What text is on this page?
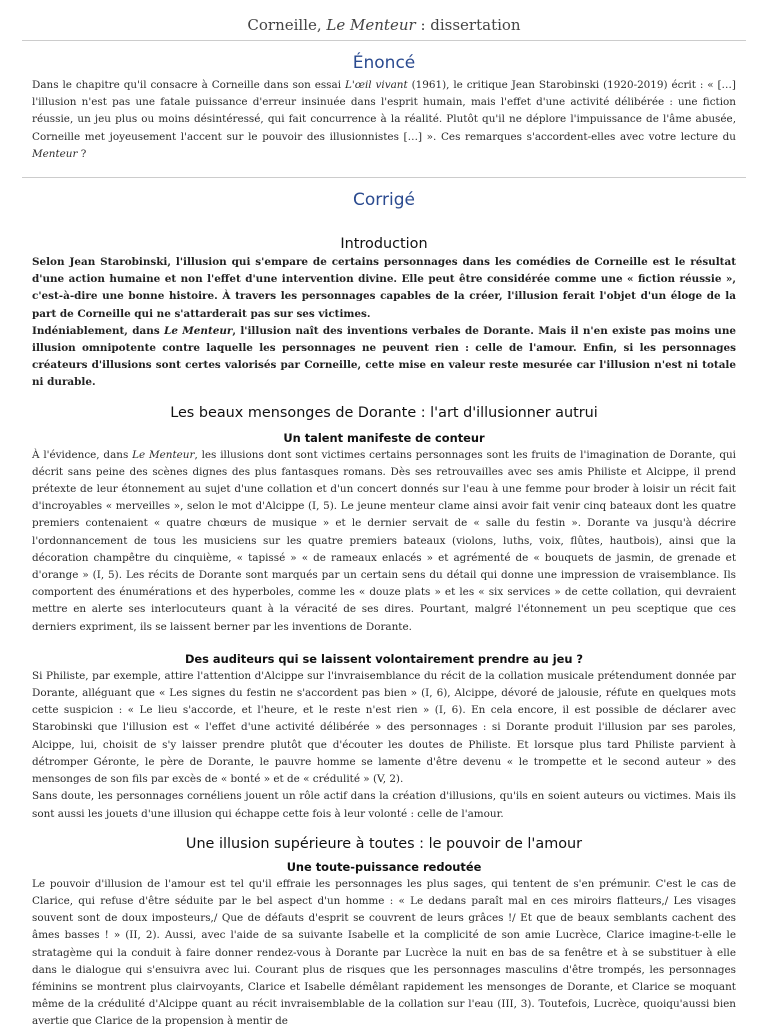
Corneille, Le Menteur : dissertation
Énoncé

Dans le chapitre qu'il consacre à Corneille dans son essai L'œil vivant (1961), le critique Jean Starobinski (1920-2019) écrit : « […] l'illusion n'est pas une fatale puissance d'erreur insinuée dans l'esprit humain, mais l'effet d'une activité délibérée : une fiction réussie, un jeu plus ou moins désintéressé, qui fait concurrence à la réalité. Plutôt qu'il ne déplore l'impuissance de l'âme abusée, Corneille met joyeusement l'accent sur le pouvoir des illusionnistes […] ». Ces remarques s'accordent-elles avec votre lecture du Menteur ?

Corrigé
Introduction

Selon Jean Starobinski, l'illusion qui s'empare de certains personnages dans les comédies de Corneille est le résultat d'une action humaine et non l'effet d'une intervention divine. Elle peut être considérée comme une « fiction réussie », c'est-à-dire une bonne histoire. À travers les personnages capables de la créer, l'illusion ferait l'objet d'un éloge de la part de Corneille qui ne s'attarderait pas sur ses victimes.

Indéniablement, dans Le Menteur, l'illusion naît des inventions verbales de Dorante. Mais il n'en existe pas moins une illusion omnipotente contre laquelle les personnages ne peuvent rien : celle de l'amour. Enfin, si les personnages créateurs d'illusions sont certes valorisés par Corneille, cette mise en valeur reste mesurée car l'illusion n'est ni totale ni durable.

Les beaux mensonges de Dorante : l'art d'illusionner autrui
Un talent manifeste de conteur

À l'évidence, dans Le Menteur, les illusions dont sont victimes certains personnages sont les fruits de l'imagination de Dorante, qui décrit sans peine des scènes dignes des plus fantasques romans. Dès ses retrouvailles avec ses amis Philiste et Alcippe, il prend prétexte de leur étonnement au sujet d'une collation et d'un concert donnés sur l'eau à une femme pour broder à loisir un récit fait d'incroyables « merveilles », selon le mot d'Alcippe (I, 5). Le jeune menteur clame ainsi avoir fait venir cinq bateaux dont les quatre premiers contenaient « quatre chœurs de musique » et le dernier servait de « salle du festin ». Dorante va jusqu'à décrire l'ordonnancement de tous les musiciens sur les quatre premiers bateaux (violons, luths, voix, flûtes, hautbois), ainsi que la décoration champêtre du cinquième, « tapissé » « de rameaux enlacés » et agrémenté de « bouquets de jasmin, de grenade et d'orange » (I, 5). Les récits de Dorante sont marqués par un certain sens du détail qui donne une impression de vraisemblance. Ils comportent des énumérations et des hyperboles, comme les « douze plats » et les « six services » de cette collation, qui devraient mettre en alerte ses interlocuteurs quant à la véracité de ses dires. Pourtant, malgré l'étonnement un peu sceptique que ces derniers expriment, ils se laissent berner par les inventions de Dorante.

Des auditeurs qui se laissent volontairement prendre au jeu ?

Si Philiste, par exemple, attire l'attention d'Alcippe sur l'invraisemblance du récit de la collation musicale prétendument donnée par Dorante, alléguant que « Les signes du festin ne s'accordent pas bien » (I, 6), Alcippe, dévoré de jalousie, réfute en quelques mots cette suspicion : « Le lieu s'accorde, et l'heure, et le reste n'est rien » (I, 6). En cela encore, il est possible de déclarer avec Starobinski que l'illusion est « l'effet d'une activité délibérée » des personnages : si Dorante produit l'illusion par ses paroles, Alcippe, lui, choisit de s'y laisser prendre plutôt que d'écouter les doutes de Philiste. Et lorsque plus tard Philiste parvient à détromper Géronte, le père de Dorante, le pauvre homme se lamente d'être devenu « le trompette et le second auteur » des mensonges de son fils par excès de « bonté » et de « crédulité » (V, 2).

Sans doute, les personnages cornéliens jouent un rôle actif dans la création d'illusions, qu'ils en soient auteurs ou victimes. Mais ils sont aussi les jouets d'une illusion qui échappe cette fois à leur volonté : celle de l'amour.

Une illusion supérieure à toutes : le pouvoir de l'amour
Une toute-puissance redoutée

Le pouvoir d'illusion de l'amour est tel qu'il effraie les personnages les plus sages, qui tentent de s'en prémunir. C'est le cas de Clarice, qui refuse d'être séduite par le bel aspect d'un homme : « Le dedans paraît mal en ces miroirs flatteurs,/ Les visages souvent sont de doux imposteurs,/ Que de défauts d'esprit se couvrent de leurs grâces !/ Et que de beaux semblants cachent des âmes basses ! » (II, 2). Aussi, avec l'aide de sa suivante Isabelle et la complicité de son amie Lucrèce, Clarice imagine-t-elle le stratagème qui la conduit à faire donner rendez-vous à Dorante par Lucrèce la nuit en bas de sa fenêtre et à se substituer à elle dans le dialogue qui s'ensuivra avec lui. Courant plus de risques que les personnages masculins d'être trompés, les personnages féminins se montrent plus clairvoyants, Clarice et Isabelle démêlant rapidement les mensonges de Dorante, et Clarice se moquant même de la crédulité d'Alcippe quant au récit invraisemblable de la collation sur l'eau (III, 3). Toutefois, Lucrèce, quoiqu'aussi bien avertie que Clarice de la propension à mentir de
